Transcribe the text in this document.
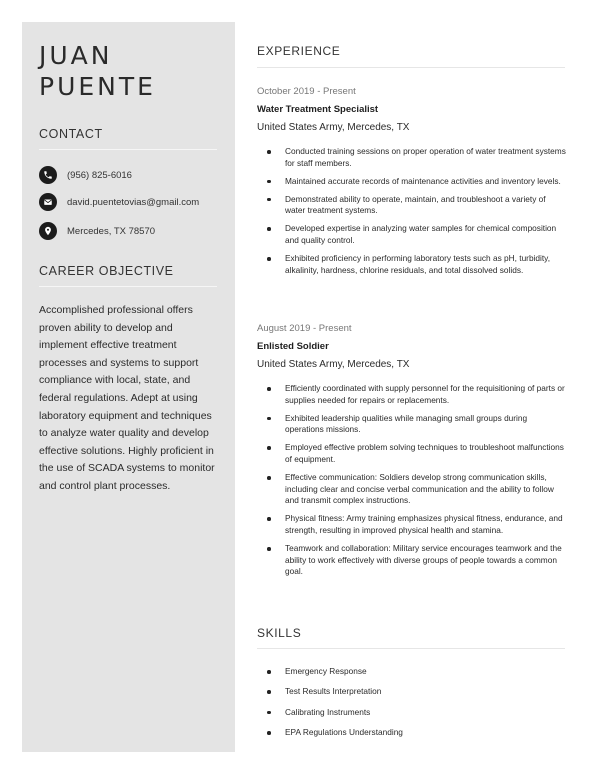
JUAN
PUENTE
CONTACT
(956) 825-6016
david.puentetovias@gmail.com
Mercedes, TX 78570
CAREER OBJECTIVE

Accomplished professional offers proven ability to develop and implement effective treatment processes and systems to support compliance with local, state, and federal regulations. Adept at using laboratory equipment and techniques to analyze water quality and develop effective solutions. Highly proficient in the use of SCADA systems to monitor and control plant processes.

EXPERIENCE
October 2019 - Present
Water Treatment Specialist
United States Army, Mercedes, TX
Conducted training sessions on proper operation of water treatment systems for staff members.
Maintained accurate records of maintenance activities and inventory levels.
Demonstrated ability to operate, maintain, and troubleshoot a variety of water treatment systems.
Developed expertise in analyzing water samples for chemical composition and quality control.
Exhibited proficiency in performing laboratory tests such as pH, turbidity, alkalinity, hardness, chlorine residuals, and total dissolved solids.
August 2019 - Present
Enlisted Soldier
United States Army, Mercedes, TX
Efficiently coordinated with supply personnel for the requisitioning of parts or supplies needed for repairs or replacements.
Exhibited leadership qualities while managing small groups during operations missions.
Employed effective problem solving techniques to troubleshoot malfunctions of equipment.
Effective communication: Soldiers develop strong communication skills, including clear and concise verbal communication and the ability to follow and transmit complex instructions.
Physical fitness: Army training emphasizes physical fitness, endurance, and strength, resulting in improved physical health and stamina.
Teamwork and collaboration: Military service encourages teamwork and the ability to work effectively with diverse groups of people towards a common goal.
SKILLS
Emergency Response
Test Results Interpretation
Calibrating Instruments
EPA Regulations Understanding
